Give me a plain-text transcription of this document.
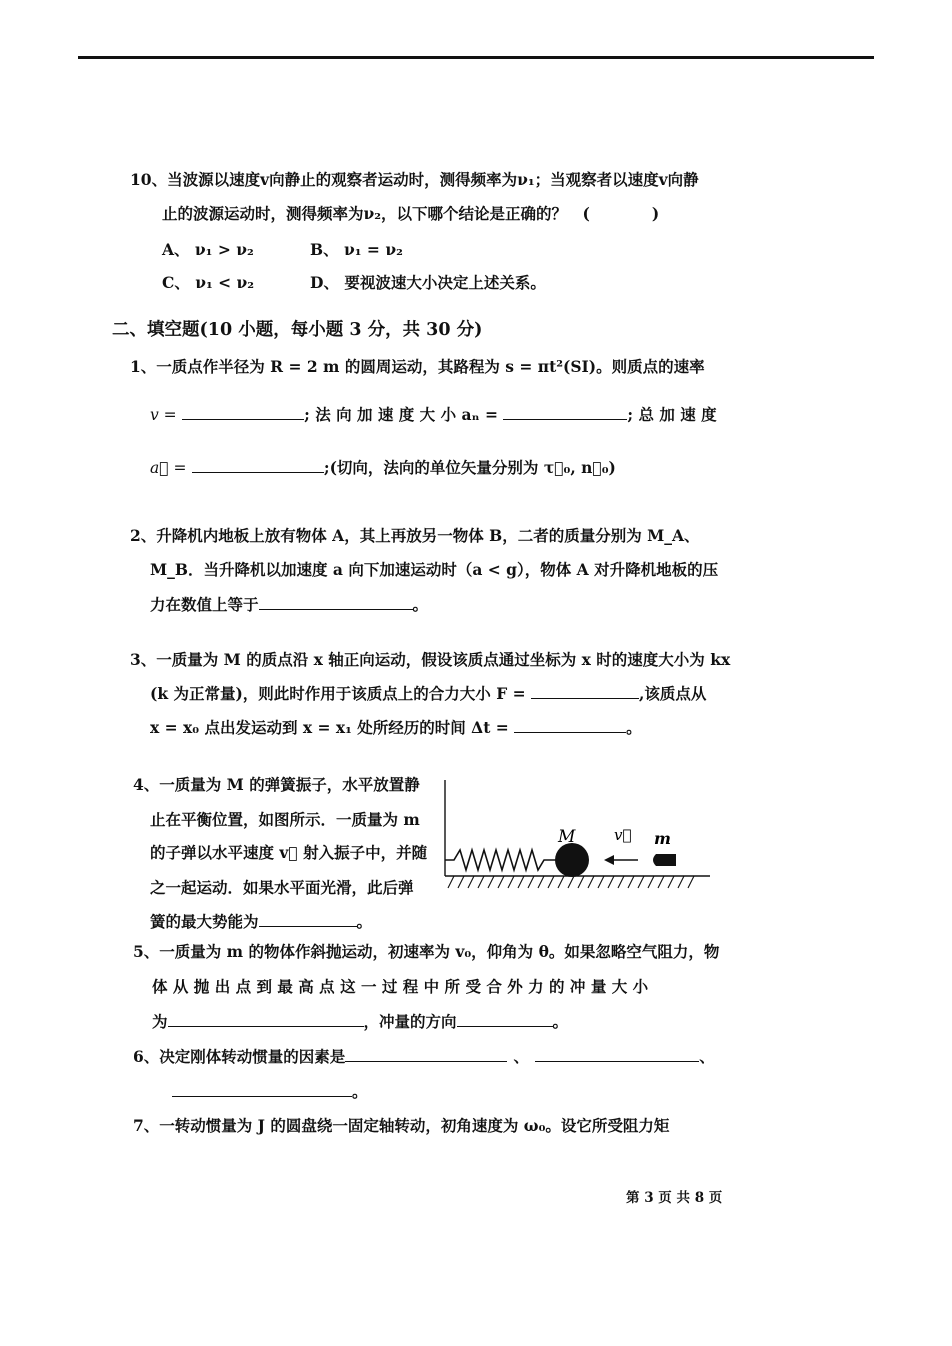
10、当波源以速度v向静止的观察者运动时，测得频率为ν₁；当观察者以速度v向静
止的波源运动时，测得频率为ν₂，以下哪个结论是正确的？　(　　　　)
A、 ν₁ > ν₂	B、 ν₁ = ν₂
C、 ν₁ < ν₂	D、 要视波速大小决定上述关系。
二、填空题(10 小题，每小题 3 分，共 30 分)
1、一质点作半径为 R = 2 m 的圆周运动，其路程为 s = πt²(SI)。则质点的速率
v =	; 法 向 加 速 度 大 小 aₙ =	; 总 加 速 度
a⃗ =	;(切向，法向的单位矢量分别为 τ⃗₀, n⃗₀)
2、升降机内地板上放有物体 A，其上再放另一物体 B，二者的质量分别为 M_A、
M_B．当升降机以加速度 a 向下加速运动时（a < g），物体 A 对升降机地板的压
力在数值上等于	。
3、一质量为 M 的质点沿 x 轴正向运动，假设该质点通过坐标为 x 时的速度大小为 kx
(k 为正常量)，则此时作用于该质点上的合力大小 F =	,该质点从
x = x₀ 点出发运动到 x = x₁ 处所经历的时间 Δt =	。
4、一质量为 M 的弹簧振子，水平放置静
止在平衡位置，如图所示．一质量为 m
的子弹以水平速度 v⃗ 射入振子中，并随
之一起运动．如果水平面光滑，此后弹
簧的最大势能为	。
M	v⃗ m
5、一质量为 m 的物体作斜抛运动，初速率为 v₀，仰角为 θ。如果忽略空气阻力，物
体 从 抛 出 点 到 最 高 点 这 一 过 程 中 所 受 合 外 力 的 冲 量 大 小
为	，冲量的方向	。
6、决定刚体转动惯量的因素是	、	、
。
7、一转动惯量为 J 的圆盘绕一固定轴转动，初角速度为 ω₀。设它所受阻力矩
第 3 页 共 8 页
